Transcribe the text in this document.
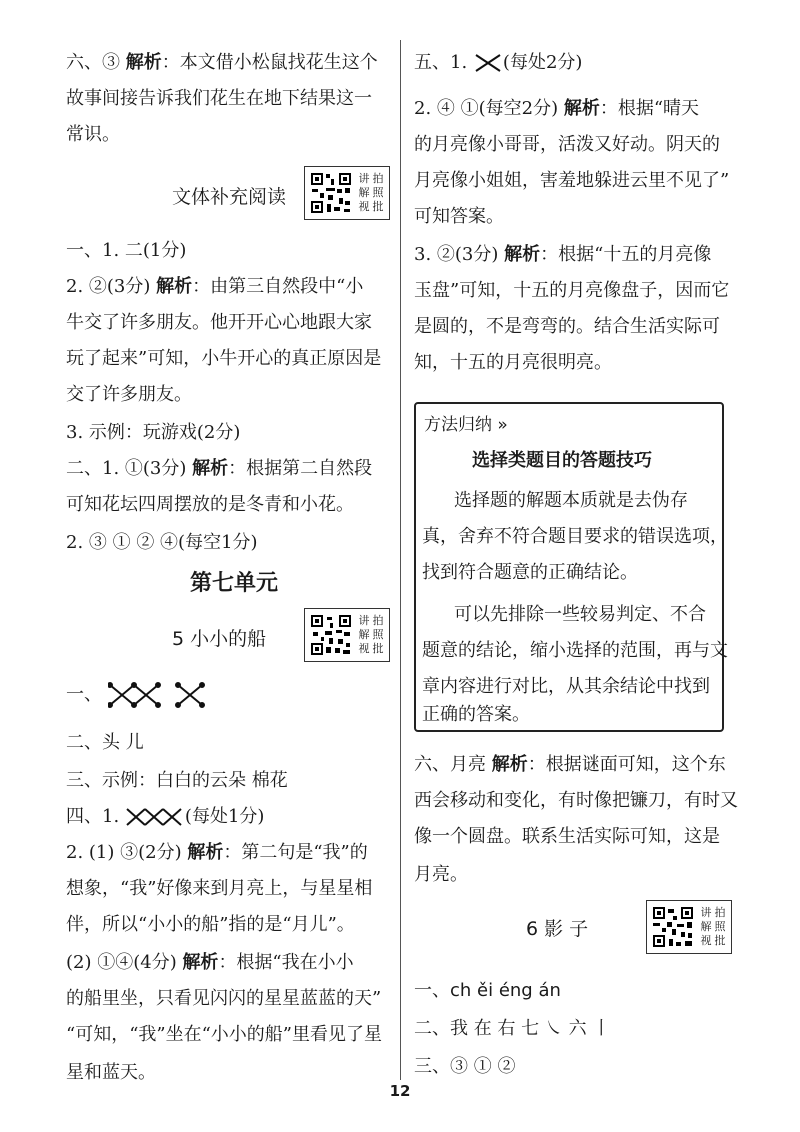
六、③ 解析：本文借小松鼠找花生这个
故事间接告诉我们花生在地下结果这一
常识。
文体补充阅读
讲 拍
解 照
视 批
一、1. 二(1分)
2. ②(3分) 解析：由第三自然段中“小
牛交了许多朋友。他开开心心地跟大家
玩了起来”可知，小牛开心的真正原因是
交了许多朋友。
3. 示例：玩游戏(2分)
二、1. ①(3分) 解析：根据第二自然段
可知花坛四周摆放的是冬青和小花。
2. ③ ① ② ④(每空1分)
第七单元
5 小小的船
讲 拍
解 照
视 批
一、
二、头 儿
三、示例：白白的云朵 棉花
四、1.	(每处1分)
2. (1) ③(2分) 解析：第二句是“我”的
想象，“我”好像来到月亮上，与星星相
伴，所以“小小的船”指的是“月儿”。
(2) ①④(4分) 解析：根据“我在小小
的船里坐，只看见闪闪的星星蓝蓝的天”
“可知，“我”坐在“小小的船”里看见了星
星和蓝天。
五、1. (每处2分)
2. ④ ①(每空2分) 解析：根据“晴天
的月亮像小哥哥，活泼又好动。阴天的
月亮像小姐姐，害羞地躲进云里不见了”
可知答案。
3. ②(3分) 解析：根据“十五的月亮像
玉盘”可知，十五的月亮像盘子，因而它
是圆的，不是弯弯的。结合生活实际可
知，十五的月亮很明亮。
方法归纳 »
选择类题目的答题技巧
选择题的解题本质就是去伪存
真，舍弃不符合题目要求的错误选项，
找到符合题意的正确结论。
可以先排除一些较易判定、不合
题意的结论，缩小选择的范围，再与文
章内容进行对比，从其余结论中找到
正确的答案。
六、月亮 解析：根据谜面可知，这个东
西会移动和变化，有时像把镰刀，有时又
像一个圆盘。联系生活实际可知，这是
月亮。
6 影 子
讲 拍
解 照
视 批
一、ch ěi éng án
二、我 在 右 七 ㇏ 六 丨
三、③ ① ②
12
